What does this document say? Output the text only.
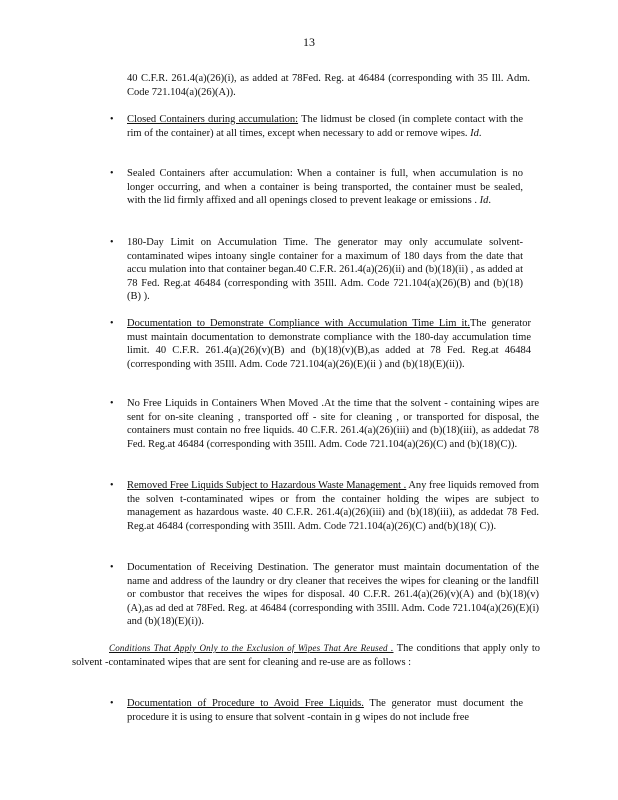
13
40 C.F.R. 261.4(a)(26)(i), as added at 78Fed. Reg. at 46484 (corresponding with 35 Ill. Adm. Code 721.104(a)(26)(A)).
• Closed Containers during accumulation: The lidmust be closed (in complete contact with the rim of the container) at all times, except when necessary to add or remove wipes. Id.
• Sealed Containers after accumulation: When a container is full, when accumulation is no longer occurring, and when a container is being transported, the container must be sealed, with the lid firmly affixed and all openings closed to prevent leakage or emissions . Id.
• 180-Day Limit on Accumulation Time. The generator may only accumulate solvent-contaminated wipes intoany single container for a maximum of 180 days from the date that accu mulation into that container began.40 C.F.R. 261.4(a)(26)(ii) and (b)(18)(ii) , as added at 78 Fed. Reg.at 46484 (corresponding with 35Ill. Adm. Code 721.104(a)(26)(B) and (b)(18)(B) ).
• Documentation to Demonstrate Compliance with Accumulation Time Lim it.The generator must maintain documentation to demonstrate compliance with the 180-day accumulation time limit. 40 C.F.R. 261.4(a)(26)(v)(B) and (b)(18)(v)(B),as added at 78 Fed. Reg.at 46484 (corresponding with 35Ill. Adm. Code 721.104(a)(26)(E)(ii ) and (b)(18)(E)(ii)).
• No Free Liquids in Containers When Moved .At the time that the solvent - containing wipes are sent for on-site cleaning , transported off - site for cleaning , or transported for disposal, the containers must contain no free liquids. 40 C.F.R. 261.4(a)(26)(iii) and (b)(18)(iii), as addedat 78 Fed. Reg.at 46484 (corresponding with 35Ill. Adm. Code 721.104(a)(26)(C) and (b)(18)(C)).
• Removed Free Liquids Subject to Hazardous Waste Management . Any free liquids removed from the solven t-contaminated wipes or from the container holding the wipes are subject to management as hazardous waste. 40 C.F.R. 261.4(a)(26)(iii) and (b)(18)(iii), as addedat 78 Fed. Reg.at 46484 (corresponding with 35Ill. Adm. Code 721.104(a)(26)(C) and(b)(18)( C)).
• Documentation of Receiving Destination. The generator must maintain documentation of the name and address of the laundry or dry cleaner that receives the wipes for cleaning or the landfill or combustor that receives the wipes for disposal. 40 C.F.R. 261.4(a)(26)(v)(A) and (b)(18)(v)(A),as ad ded at 78Fed. Reg. at 46484 (corresponding with 35Ill. Adm. Code 721.104(a)(26)(E)(i) and (b)(18)(E)(i)).
Conditions That Apply Only to the Exclusion of Wipes That Are Reused . The conditions that apply only to solvent -contaminated wipes that are sent for cleaning and re-use are as follows :
• Documentation of Procedure to Avoid Free Liquids. The generator must document the procedure it is using to ensure that solvent -contain in g wipes do not include free
